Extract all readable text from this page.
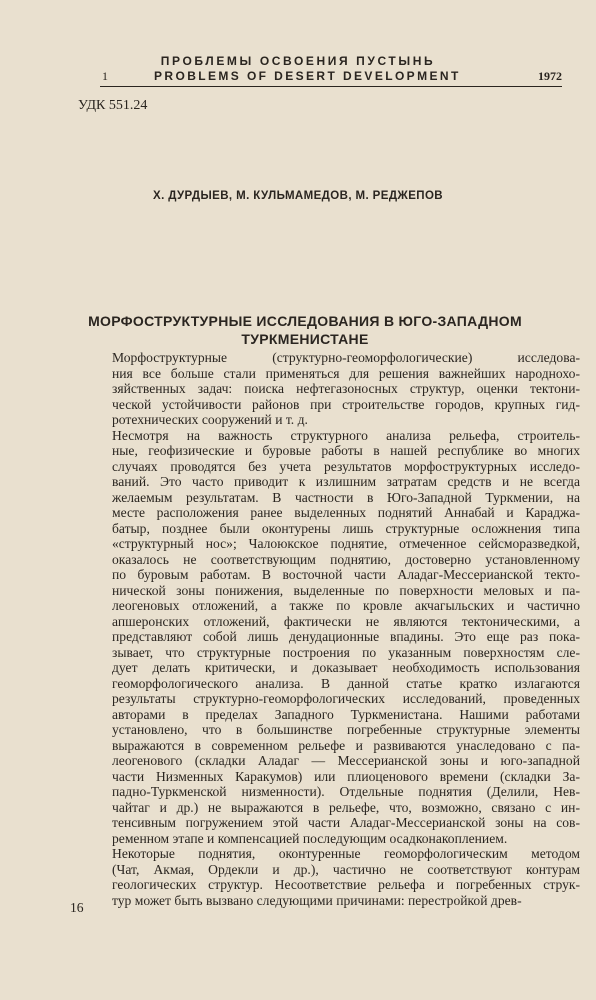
ПРОБЛЕМЫ ОСВОЕНИЯ ПУСТЫНЬ
1	PROBLEMS OF DESERT DEVELOPMENT	1972
УДК 551.24
Х. ДУРДЫЕВ, М. КУЛЬМАМЕДОВ, М. РЕДЖЕПОВ
МОРФОСТРУКТУРНЫЕ ИССЛЕДОВАНИЯ В ЮГО-ЗАПАДНОМ
ТУРКМЕНИСТАНЕ
Морфоструктурные (структурно-геоморфологические) исследова-
ния все больше стали применяться для решения важнейших народнохо-
зяйственных задач: поиска нефтегазоносных структур, оценки тектони-
ческой устойчивости районов при строительстве городов, крупных гид-
ротехнических сооружений и т. д.
Несмотря на важность структурного анализа рельефа, строитель-
ные, геофизические и буровые работы в нашей республике во многих
случаях проводятся без учета результатов морфоструктурных исследо-
ваний. Это часто приводит к излишним затратам средств и не всегда
желаемым результатам. В частности в Юго-Западной Туркмении, на
месте расположения ранее выделенных поднятий Аннабай и Караджа-
батыр, позднее были оконтурены лишь структурные осложнения типа
«структурный нос»; Чалоюкское поднятие, отмеченное сейсморазведкой,
оказалось не соответствующим поднятию, достоверно установленному
по буровым работам. В восточной части Аладаг-Мессерианской текто-
нической зоны понижения, выделенные по поверхности меловых и па-
леогеновых отложений, а также по кровле акчагыльских и частично
апшеронских отложений, фактически не являются тектоническими, а
представляют собой лишь денудационные впадины. Это еще раз пока-
зывает, что структурные построения по указанным поверхностям сле-
дует делать критически, и доказывает необходимость использования
геоморфологического анализа. В данной статье кратко излагаются
результаты структурно-геоморфологических исследований, проведенных
авторами в пределах Западного Туркменистана. Нашими работами
установлено, что в большинстве погребенные структурные элементы
выражаются в современном рельефе и развиваются унаследовано с па-
леогенового (складки Аладаг — Мессерианской зоны и юго-западной
части Низменных Каракумов) или плиоценового времени (складки За-
падно-Туркменской низменности). Отдельные поднятия (Делили, Нев-
чайтаг и др.) не выражаются в рельефе, что, возможно, связано с ин-
тенсивным погружением этой части Аладаг-Мессерианской зоны на сов-
ременном этапе и компенсацией последующим осадконакоплением.
Некоторые поднятия, оконтуренные геоморфологическим методом
(Чат, Акмая, Ордекли и др.), частично не соответствуют контурам
геологических структур. Несоответствие рельефа и погребенных струк-
тур может быть вызвано следующими причинами: перестройкой древ-
16
